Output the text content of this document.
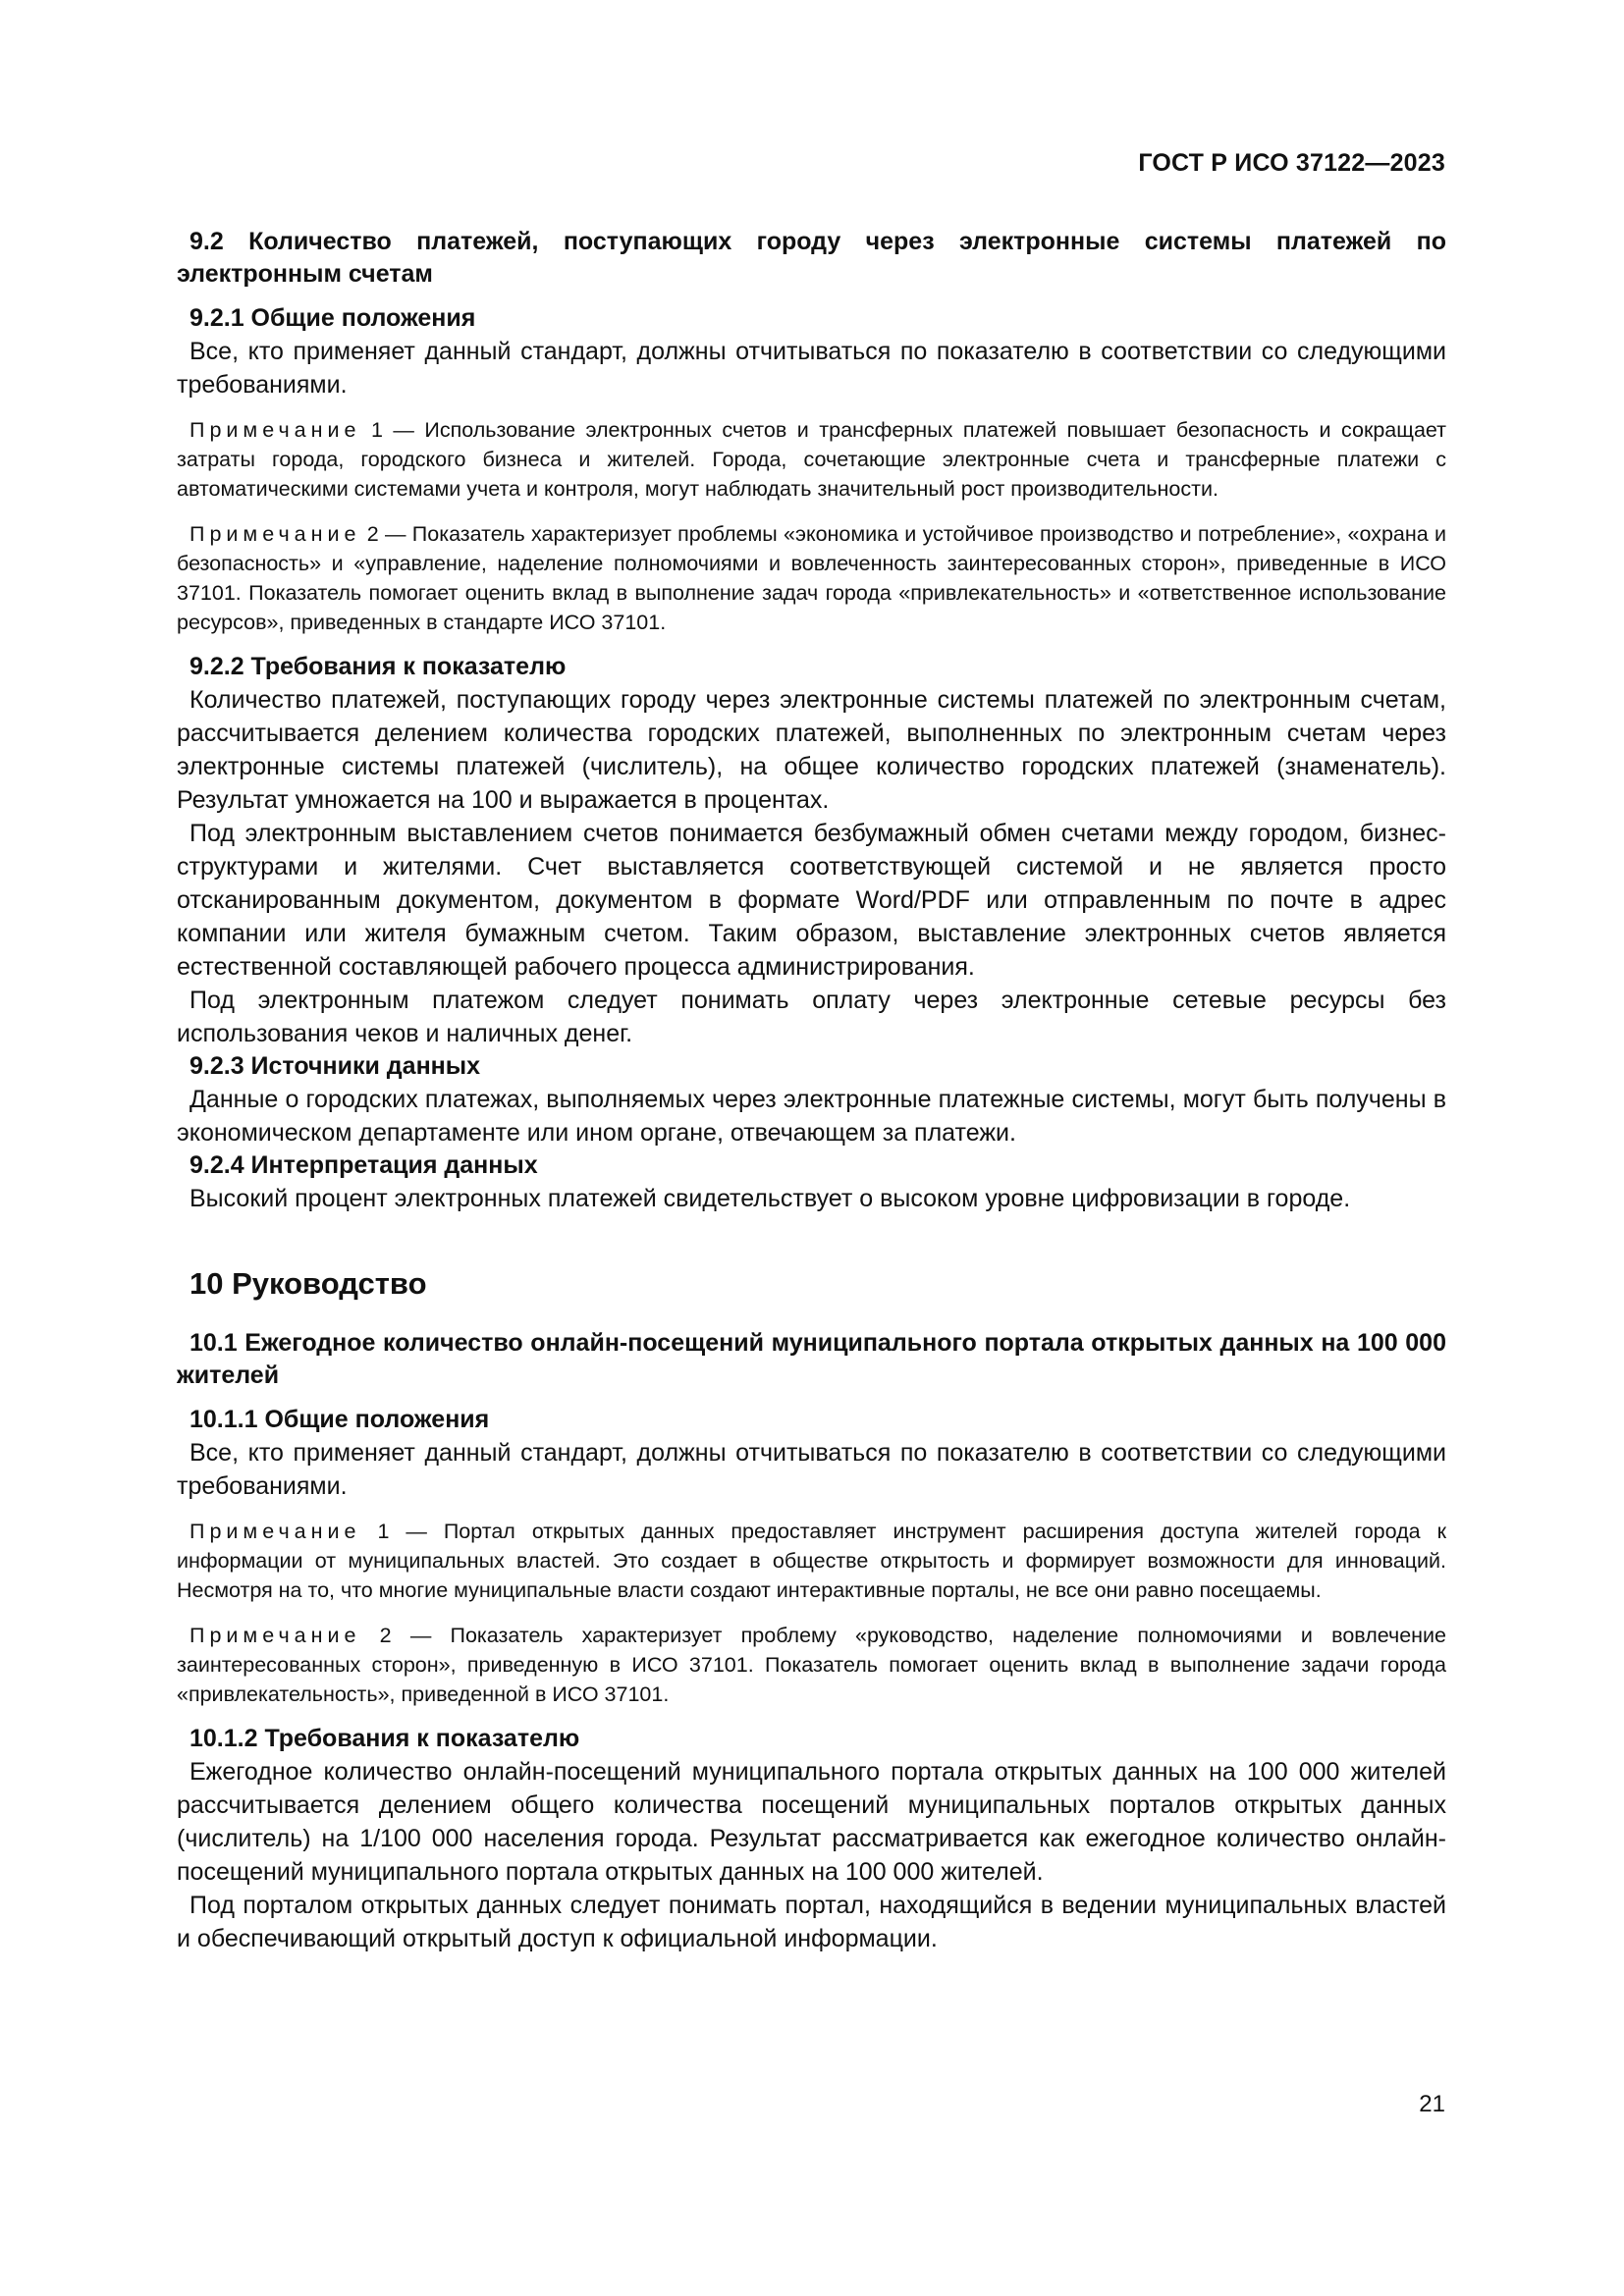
ГОСТ Р ИСО 37122—2023
9.2 Количество платежей, поступающих городу через электронные системы платежей по электронным счетам
9.2.1 Общие положения
Все, кто применяет данный стандарт, должны отчитываться по показателю в соответствии со следующими требованиями.
Примечание 1 — Использование электронных счетов и трансферных платежей повышает безопасность и сокращает затраты города, городского бизнеса и жителей. Города, сочетающие электронные счета и трансферные платежи с автоматическими системами учета и контроля, могут наблюдать значительный рост производительности.
Примечание 2 — Показатель характеризует проблемы «экономика и устойчивое производство и потребление», «охрана и безопасность» и «управление, наделение полномочиями и вовлеченность заинтересованных сторон», приведенные в ИСО 37101. Показатель помогает оценить вклад в выполнение задач города «привлекательность» и «ответственное использование ресурсов», приведенных в стандарте ИСО 37101.
9.2.2 Требования к показателю
Количество платежей, поступающих городу через электронные системы платежей по электронным счетам, рассчитывается делением количества городских платежей, выполненных по электронным счетам через электронные системы платежей (числитель), на общее количество городских платежей (знаменатель). Результат умножается на 100 и выражается в процентах.
Под электронным выставлением счетов понимается безбумажный обмен счетами между городом, бизнес-структурами и жителями. Счет выставляется соответствующей системой и не является просто отсканированным документом, документом в формате Word/PDF или отправленным по почте в адрес компании или жителя бумажным счетом. Таким образом, выставление электронных счетов является естественной составляющей рабочего процесса администрирования.
Под электронным платежом следует понимать оплату через электронные сетевые ресурсы без использования чеков и наличных денег.
9.2.3 Источники данных
Данные о городских платежах, выполняемых через электронные платежные системы, могут быть получены в экономическом департаменте или ином органе, отвечающем за платежи.
9.2.4 Интерпретация данных
Высокий процент электронных платежей свидетельствует о высоком уровне цифровизации в городе.
10 Руководство
10.1 Ежегодное количество онлайн-посещений муниципального портала открытых данных на 100 000 жителей
10.1.1 Общие положения
Все, кто применяет данный стандарт, должны отчитываться по показателю в соответствии со следующими требованиями.
Примечание 1 — Портал открытых данных предоставляет инструмент расширения доступа жителей города к информации от муниципальных властей. Это создает в обществе открытость и формирует возможности для инноваций. Несмотря на то, что многие муниципальные власти создают интерактивные порталы, не все они равно посещаемы.
Примечание 2 — Показатель характеризует проблему «руководство, наделение полномочиями и вовлечение заинтересованных сторон», приведенную в ИСО 37101. Показатель помогает оценить вклад в выполнение задачи города «привлекательность», приведенной в ИСО 37101.
10.1.2 Требования к показателю
Ежегодное количество онлайн-посещений муниципального портала открытых данных на 100 000 жителей рассчитывается делением общего количества посещений муниципальных порталов открытых данных (числитель) на 1/100 000 населения города. Результат рассматривается как ежегодное количество онлайн-посещений муниципального портала открытых данных на 100 000 жителей.
Под порталом открытых данных следует понимать портал, находящийся в ведении муниципальных властей и обеспечивающий открытый доступ к официальной информации.
21
